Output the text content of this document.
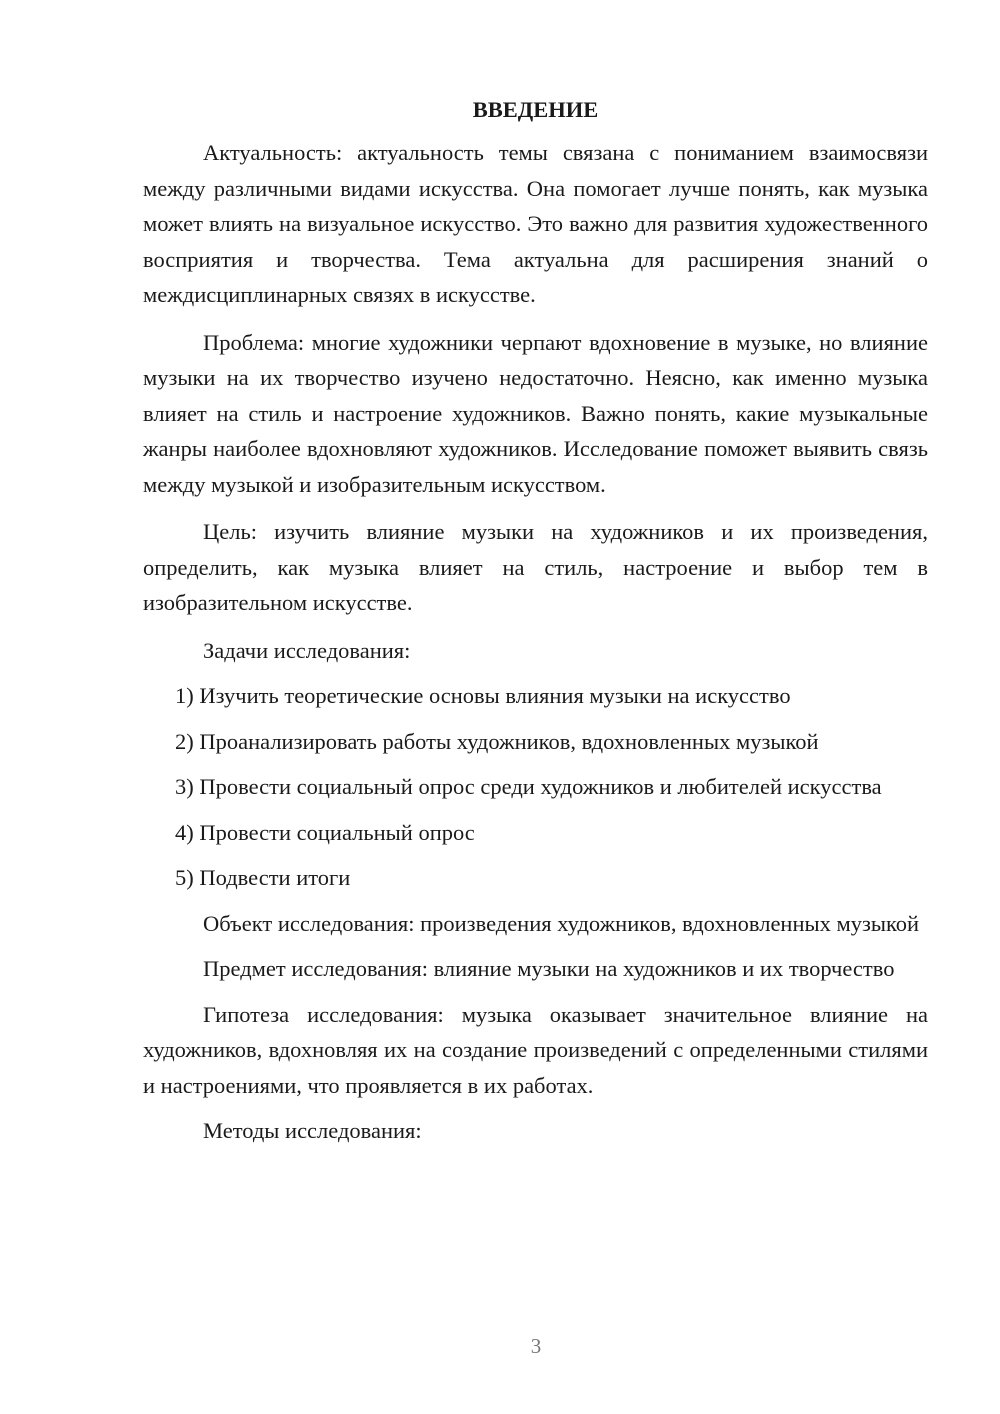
ВВЕДЕНИЕ

Актуальность: актуальность темы связана с пониманием взаимосвязи между различными видами искусства. Она помогает лучше понять, как музыка может влиять на визуальное искусство. Это важно для развития художественного восприятия и творчества. Тема актуальна для расширения знаний о междисциплинарных связях в искусстве.

Проблема: многие художники черпают вдохновение в музыке, но влияние музыки на их творчество изучено недостаточно. Неясно, как именно музыка влияет на стиль и настроение художников. Важно понять, какие музыкальные жанры наиболее вдохновляют художников. Исследование поможет выявить связь между музыкой и изобразительным искусством.

Цель: изучить влияние музыки на художников и их произведения, определить, как музыка влияет на стиль, настроение и выбор тем в изобразительном искусстве.

Задачи исследования:

1) Изучить теоретические основы влияния музыки на искусство

2) Проанализировать работы художников, вдохновленных музыкой

3) Провести социальный опрос среди художников и любителей искусства

4) Провести социальный опрос

5) Подвести итоги

Объект исследования: произведения художников, вдохновленных музыкой

Предмет исследования: влияние музыки на художников и их творчество

Гипотеза исследования: музыка оказывает значительное влияние на художников, вдохновляя их на создание произведений с определенными стилями и настроениями, что проявляется в их работах.

Методы исследования:

3
